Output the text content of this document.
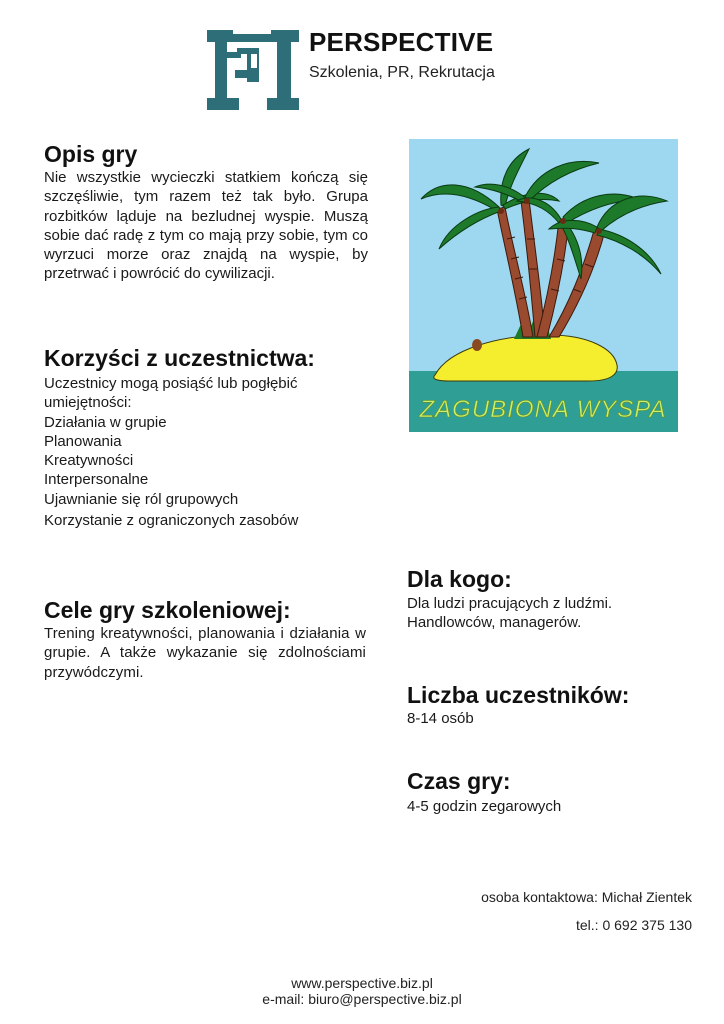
PERSPECTIVE
Szkolenia, PR, Rekrutacja
Opis gry
Nie wszystkie wycieczki statkiem kończą się szczęśliwie, tym razem też tak było. Grupa rozbitków ląduje na bezludnej wyspie. Muszą sobie dać radę z tym co mają przy sobie, tym co wyrzuci morze oraz znajdą na wyspie, by przetrwać i powrócić do cywilizacji.
Korzyści z uczestnictwa:
Uczestnicy mogą posiąść lub pogłębić umiejętności:
Działania w grupie
Planowania
Kreatywności
Interpersonalne
Ujawnianie się ról grupowych
Korzystanie z ograniczonych zasobów
Cele gry szkoleniowej:
Trening kreatywności, planowania i działania w grupie. A także wykazanie się zdolnościami przywódczymi.
ZAGUBIONA WYSPA
Dla kogo:
Dla ludzi pracujących z ludźmi.
Handlowców, managerów.
Liczba uczestników:
8-14 osób
Czas gry:
4-5 godzin zegarowych
osoba kontaktowa: Michał Zientek
tel.: 0 692 375 130
www.perspective.biz.pl
e-mail: biuro@perspective.biz.pl
